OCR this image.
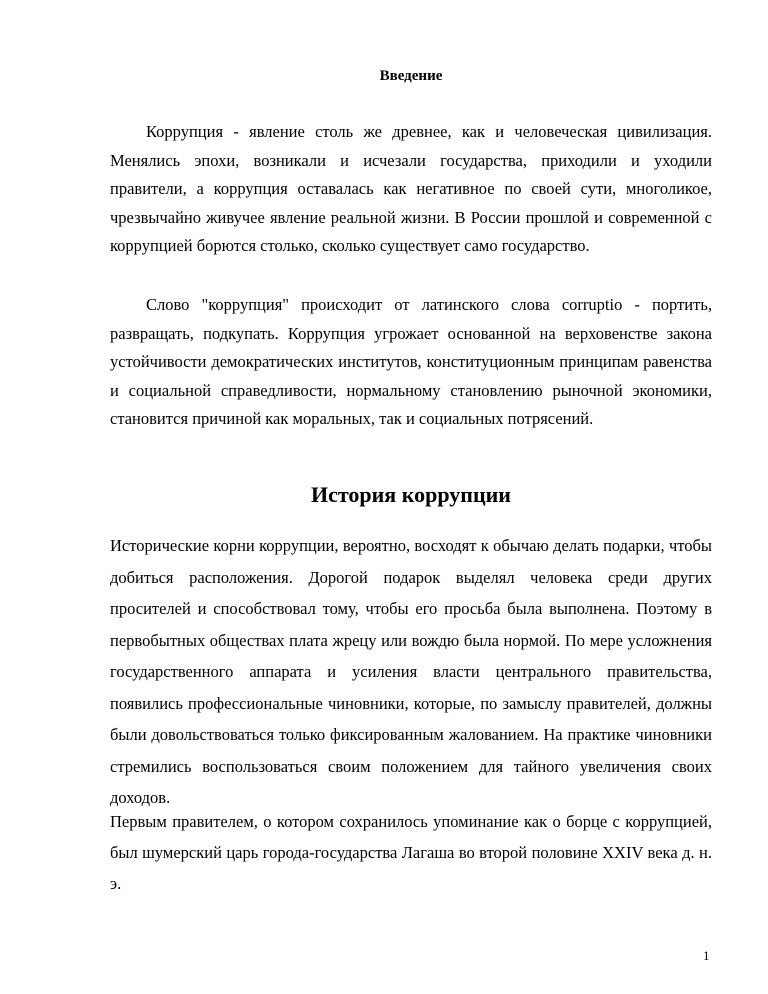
Введение

Коррупция - явление столь же древнее, как и человеческая цивилизация. Менялись эпохи, возникали и исчезали государства, приходили и уходили правители, а коррупция оставалась как негативное по своей сути, многоликое, чрезвычайно живучее явление реальной жизни. В России прошлой и современной с коррупцией борются столько, сколько существует само государство.

Слово "коррупция" происходит от латинского слова corruptio - портить, развращать, подкупать. Коррупция угрожает основанной на верховенстве закона устойчивости демократических институтов, конституционным принципам равенства и социальной справедливости, нормальному становлению рыночной экономики, становится причиной как моральных, так и социальных потрясений.

История коррупции

Исторические корни коррупции, вероятно, восходят к обычаю делать подарки, чтобы добиться расположения. Дорогой подарок выделял человека среди других просителей и способствовал тому, чтобы его просьба была выполнена. Поэтому в первобытных обществах плата жрецу или вождю была нормой. По мере усложнения государственного аппарата и усиления власти центрального правительства, появились профессиональные чиновники, которые, по замыслу правителей, должны были довольствоваться только фиксированным жалованием. На практике чиновники стремились воспользоваться своим положением для тайного увеличения своих доходов.

Первым правителем, о котором сохранилось упоминание как о борце с коррупцией, был шумерский царь города-государства Лагаша во второй половине XXIV века д. н. э.

1
